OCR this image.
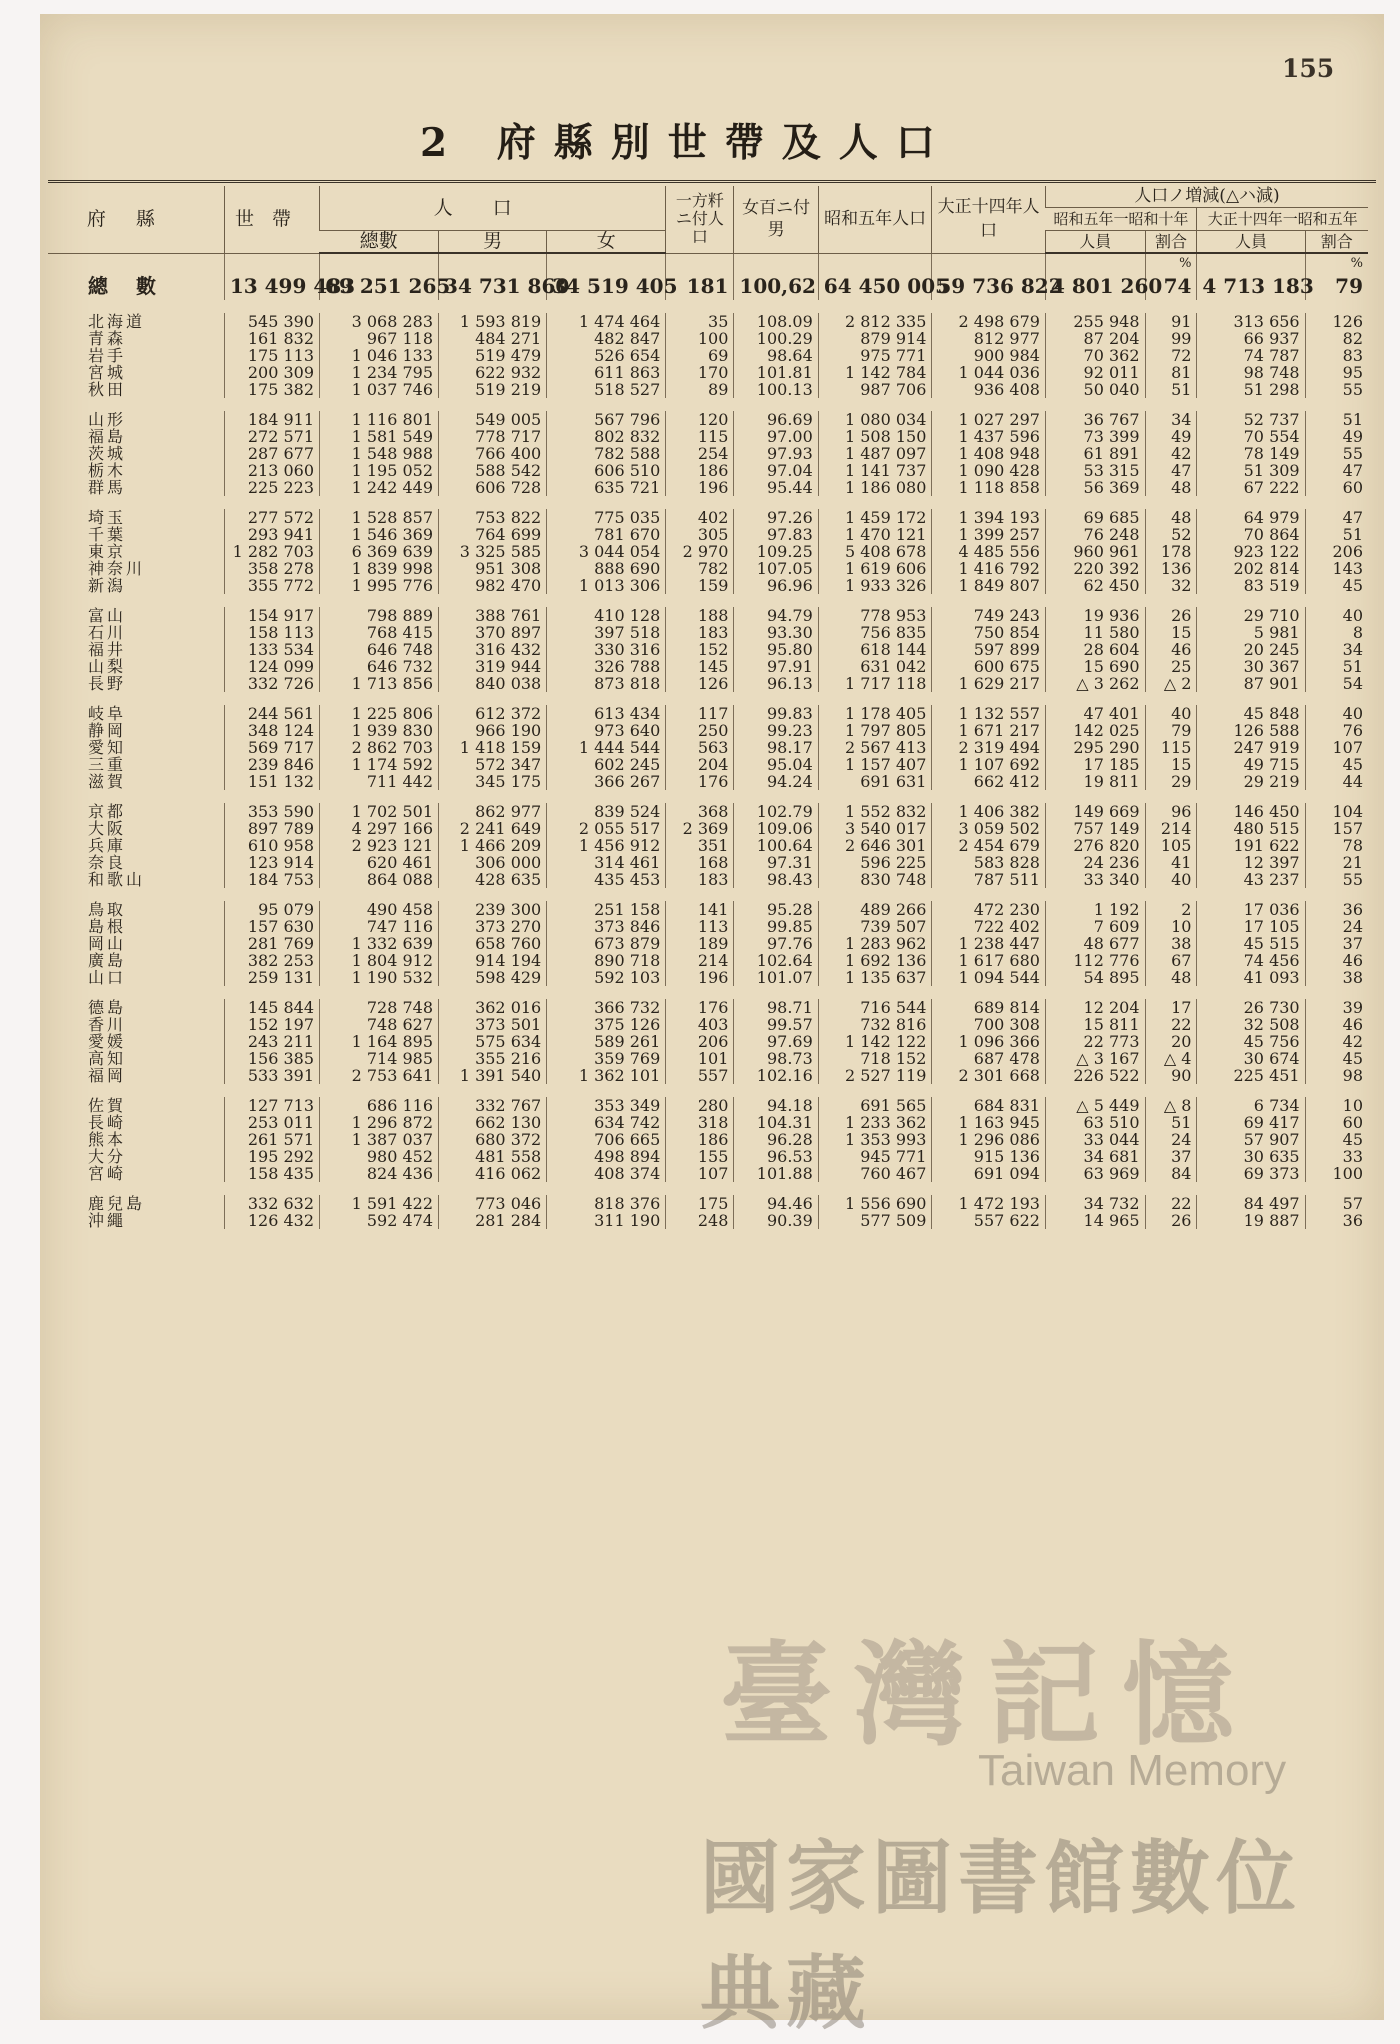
155
2 府縣別世帶及人口
府縣	世帶	人口			一方粁ニ付人口	女百ニ付男	昭和五年人口	大正十四年人口	人口ノ増減(△ハ減)			
									昭和五年一昭和十年		大正十四年一昭和五年	
		總數	男	女					人員	割合	人員	割合
										%		%
總數	13 499 483	69 251 265	34 731 860	34 519 405	181	100,62	64 450 005	59 736 822	4 801 260	74	4 713 183	79

北海道	545 390	3 068 283	1 593 819	1 474 464	35	108.09	2 812 335	2 498 679	255 948	91	313 656	126
青森	161 832	967 118	484 271	482 847	100	100.29	879 914	812 977	87 204	99	66 937	82
岩手	175 113	1 046 133	519 479	526 654	69	98.64	975 771	900 984	70 362	72	74 787	83
宮城	200 309	1 234 795	622 932	611 863	170	101.81	1 142 784	1 044 036	92 011	81	98 748	95
秋田	175 382	1 037 746	519 219	518 527	89	100.13	987 706	936 408	50 040	51	51 298	55

山形	184 911	1 116 801	549 005	567 796	120	96.69	1 080 034	1 027 297	36 767	34	52 737	51
福島	272 571	1 581 549	778 717	802 832	115	97.00	1 508 150	1 437 596	73 399	49	70 554	49
茨城	287 677	1 548 988	766 400	782 588	254	97.93	1 487 097	1 408 948	61 891	42	78 149	55
栃木	213 060	1 195 052	588 542	606 510	186	97.04	1 141 737	1 090 428	53 315	47	51 309	47
群馬	225 223	1 242 449	606 728	635 721	196	95.44	1 186 080	1 118 858	56 369	48	67 222	60

埼玉	277 572	1 528 857	753 822	775 035	402	97.26	1 459 172	1 394 193	69 685	48	64 979	47
千葉	293 941	1 546 369	764 699	781 670	305	97.83	1 470 121	1 399 257	76 248	52	70 864	51
東京	1 282 703	6 369 639	3 325 585	3 044 054	2 970	109.25	5 408 678	4 485 556	960 961	178	923 122	206
神奈川	358 278	1 839 998	951 308	888 690	782	107.05	1 619 606	1 416 792	220 392	136	202 814	143
新潟	355 772	1 995 776	982 470	1 013 306	159	96.96	1 933 326	1 849 807	62 450	32	83 519	45

富山	154 917	798 889	388 761	410 128	188	94.79	778 953	749 243	19 936	26	29 710	40
石川	158 113	768 415	370 897	397 518	183	93.30	756 835	750 854	11 580	15	5 981	8
福井	133 534	646 748	316 432	330 316	152	95.80	618 144	597 899	28 604	46	20 245	34
山梨	124 099	646 732	319 944	326 788	145	97.91	631 042	600 675	15 690	25	30 367	51
長野	332 726	1 713 856	840 038	873 818	126	96.13	1 717 118	1 629 217	△ 3 262	△ 2	87 901	54

岐阜	244 561	1 225 806	612 372	613 434	117	99.83	1 178 405	1 132 557	47 401	40	45 848	40
静岡	348 124	1 939 830	966 190	973 640	250	99.23	1 797 805	1 671 217	142 025	79	126 588	76
愛知	569 717	2 862 703	1 418 159	1 444 544	563	98.17	2 567 413	2 319 494	295 290	115	247 919	107
三重	239 846	1 174 592	572 347	602 245	204	95.04	1 157 407	1 107 692	17 185	15	49 715	45
滋賀	151 132	711 442	345 175	366 267	176	94.24	691 631	662 412	19 811	29	29 219	44

京都	353 590	1 702 501	862 977	839 524	368	102.79	1 552 832	1 406 382	149 669	96	146 450	104
大阪	897 789	4 297 166	2 241 649	2 055 517	2 369	109.06	3 540 017	3 059 502	757 149	214	480 515	157
兵庫	610 958	2 923 121	1 466 209	1 456 912	351	100.64	2 646 301	2 454 679	276 820	105	191 622	78
奈良	123 914	620 461	306 000	314 461	168	97.31	596 225	583 828	24 236	41	12 397	21
和歌山	184 753	864 088	428 635	435 453	183	98.43	830 748	787 511	33 340	40	43 237	55

鳥取	95 079	490 458	239 300	251 158	141	95.28	489 266	472 230	1 192	2	17 036	36
島根	157 630	747 116	373 270	373 846	113	99.85	739 507	722 402	7 609	10	17 105	24
岡山	281 769	1 332 639	658 760	673 879	189	97.76	1 283 962	1 238 447	48 677	38	45 515	37
廣島	382 253	1 804 912	914 194	890 718	214	102.64	1 692 136	1 617 680	112 776	67	74 456	46
山口	259 131	1 190 532	598 429	592 103	196	101.07	1 135 637	1 094 544	54 895	48	41 093	38

德島	145 844	728 748	362 016	366 732	176	98.71	716 544	689 814	12 204	17	26 730	39
香川	152 197	748 627	373 501	375 126	403	99.57	732 816	700 308	15 811	22	32 508	46
愛媛	243 211	1 164 895	575 634	589 261	206	97.69	1 142 122	1 096 366	22 773	20	45 756	42
高知	156 385	714 985	355 216	359 769	101	98.73	718 152	687 478	△ 3 167	△ 4	30 674	45
福岡	533 391	2 753 641	1 391 540	1 362 101	557	102.16	2 527 119	2 301 668	226 522	90	225 451	98

佐賀	127 713	686 116	332 767	353 349	280	94.18	691 565	684 831	△ 5 449	△ 8	6 734	10
長崎	253 011	1 296 872	662 130	634 742	318	104.31	1 233 362	1 163 945	63 510	51	69 417	60
熊本	261 571	1 387 037	680 372	706 665	186	96.28	1 353 993	1 296 086	33 044	24	57 907	45
大分	195 292	980 452	481 558	498 894	155	96.53	945 771	915 136	34 681	37	30 635	33
宮崎	158 435	824 436	416 062	408 374	107	101.88	760 467	691 094	63 969	84	69 373	100

鹿兒島	332 632	1 591 422	773 046	818 376	175	94.46	1 556 690	1 472 193	34 732	22	84 497	57
沖繩	126 432	592 474	281 284	311 190	248	90.39	577 509	557 622	14 965	26	19 887	36
臺灣記憶
Taiwan Memory
國家圖書館數位典藏
